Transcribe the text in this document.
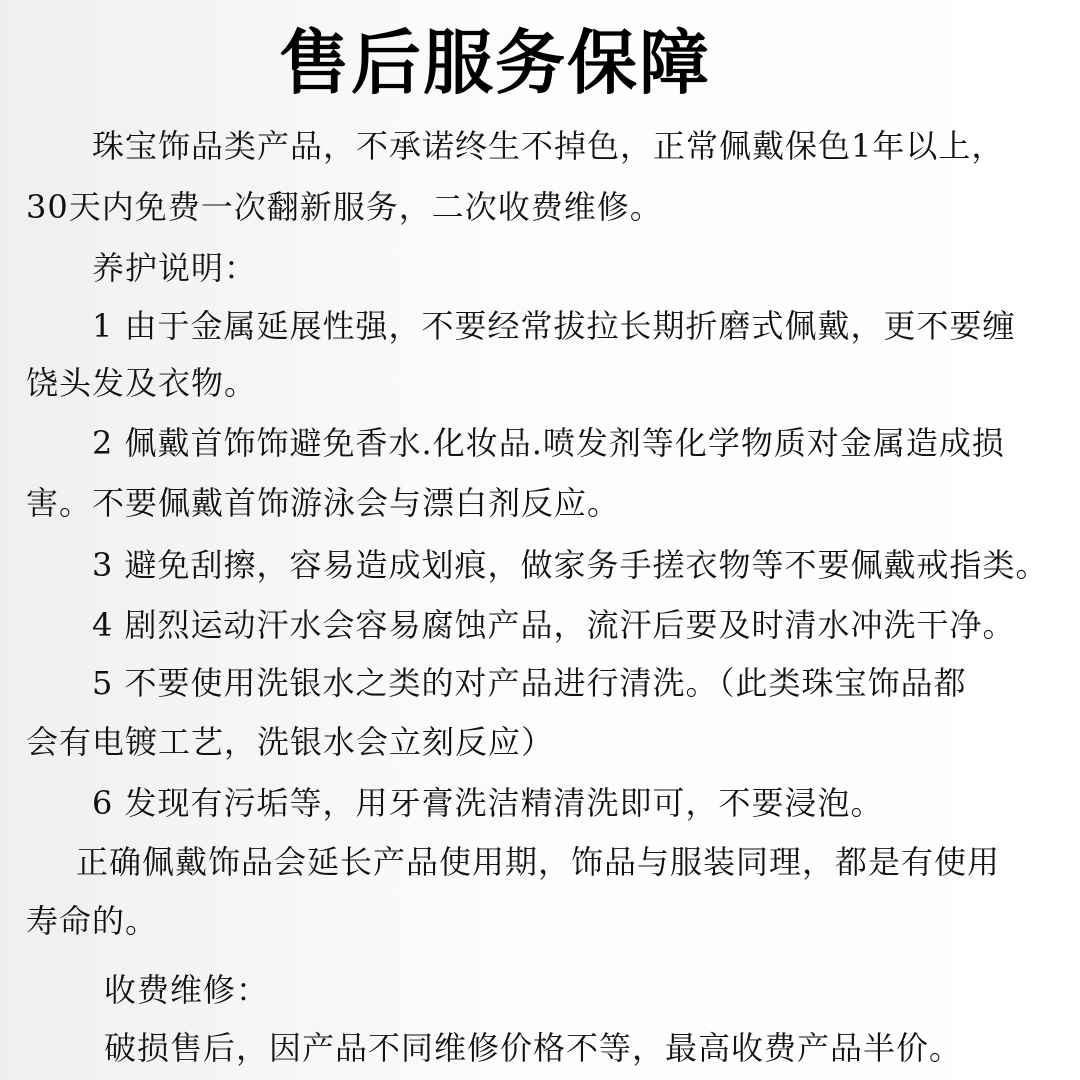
售后服务保障
珠宝饰品类产品，不承诺终生不掉色，正常佩戴保色1年以上，
30天内免费一次翻新服务，二次收费维修。
养护说明：
1 由于金属延展性强，不要经常拔拉长期折磨式佩戴，更不要缠
饶头发及衣物。
2 佩戴首饰饰避免香水.化妆品.喷发剂等化学物质对金属造成损
害。不要佩戴首饰游泳会与漂白剂反应。
3 避免刮擦，容易造成划痕，做家务手搓衣物等不要佩戴戒指类。
4 剧烈运动汗水会容易腐蚀产品，流汗后要及时清水冲洗干净。
5 不要使用洗银水之类的对产品进行清洗。（此类珠宝饰品都
会有电镀工艺，洗银水会立刻反应）
6 发现有污垢等，用牙膏洗洁精清洗即可，不要浸泡。
正确佩戴饰品会延长产品使用期，饰品与服装同理，都是有使用
寿命的。
收费维修：
破损售后，因产品不同维修价格不等，最高收费产品半价。
